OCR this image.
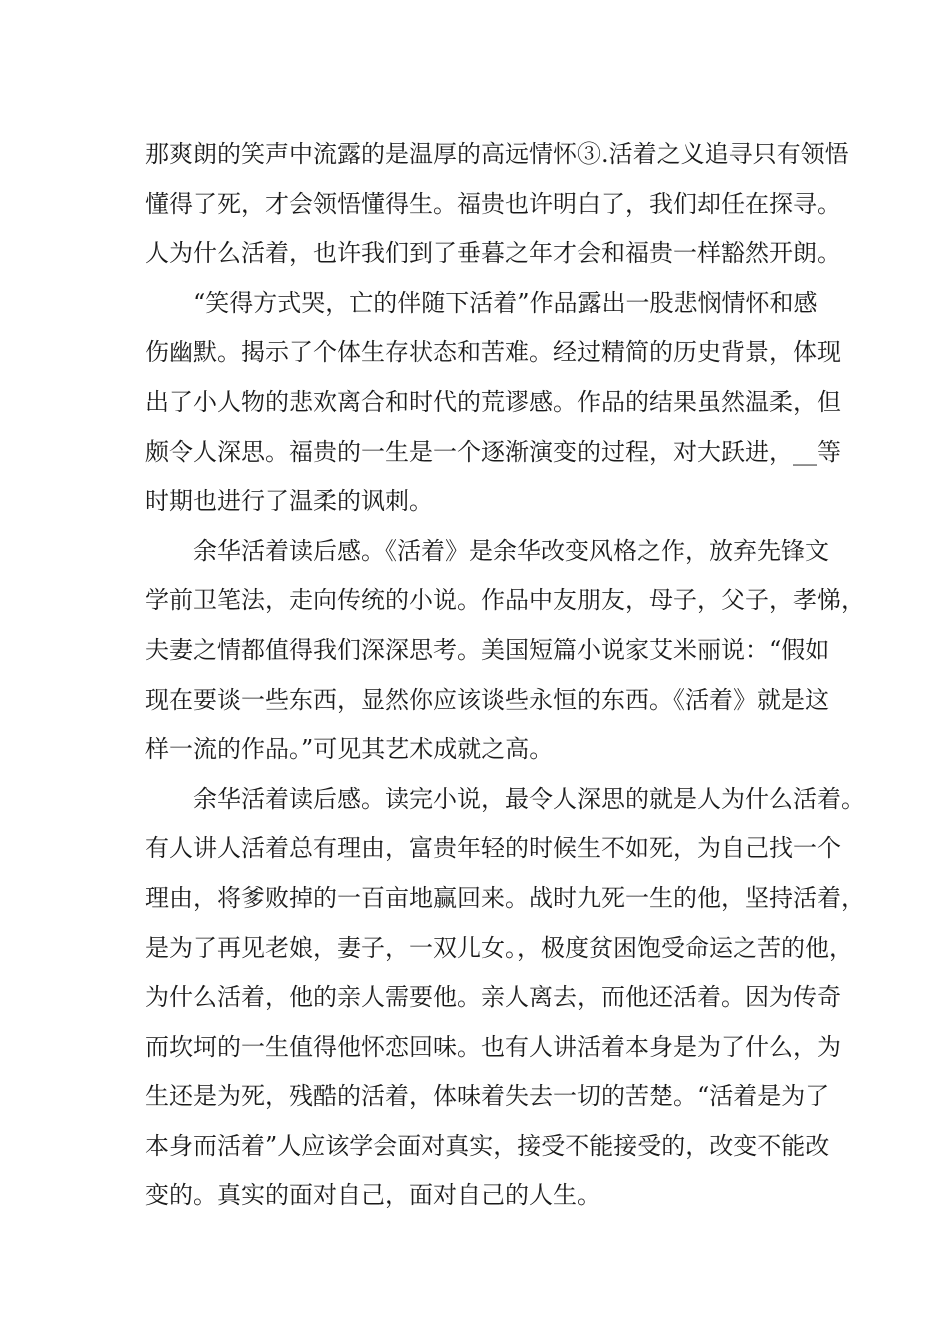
那爽朗的笑声中流露的是温厚的高远情怀③.活着之义追寻只有领悟
懂得了死，才会领悟懂得生。福贵也许明白了，我们却任在探寻。
人为什么活着，也许我们到了垂暮之年才会和福贵一样豁然开朗。
“笑得方式哭，亡的伴随下活着”作品露出一股悲悯情怀和感
伤幽默。揭示了个体生存状态和苦难。经过精简的历史背景，体现
出了小人物的悲欢离合和时代的荒谬感。作品的结果虽然温柔，但
颇令人深思。福贵的一生是一个逐渐演变的过程，对大跃进，__等
时期也进行了温柔的讽刺。
余华活着读后感。《活着》是余华改变风格之作，放弃先锋文
学前卫笔法，走向传统的小说。作品中友朋友，母子，父子，孝悌，
夫妻之情都值得我们深深思考。美国短篇小说家艾米丽说：“假如
现在要谈一些东西，显然你应该谈些永恒的东西。《活着》就是这
样一流的作品。”可见其艺术成就之高。
余华活着读后感。读完小说，最令人深思的就是人为什么活着。
有人讲人活着总有理由，富贵年轻的时候生不如死，为自己找一个
理由，将爹败掉的一百亩地赢回来。战时九死一生的他，坚持活着，
是为了再见老娘，妻子，一双儿女。，极度贫困饱受命运之苦的他，
为什么活着，他的亲人需要他。亲人离去，而他还活着。因为传奇
而坎坷的一生值得他怀恋回味。也有人讲活着本身是为了什么，为
生还是为死，残酷的活着，体味着失去一切的苦楚。“活着是为了
本身而活着”人应该学会面对真实，接受不能接受的，改变不能改
变的。真实的面对自己，面对自己的人生。
